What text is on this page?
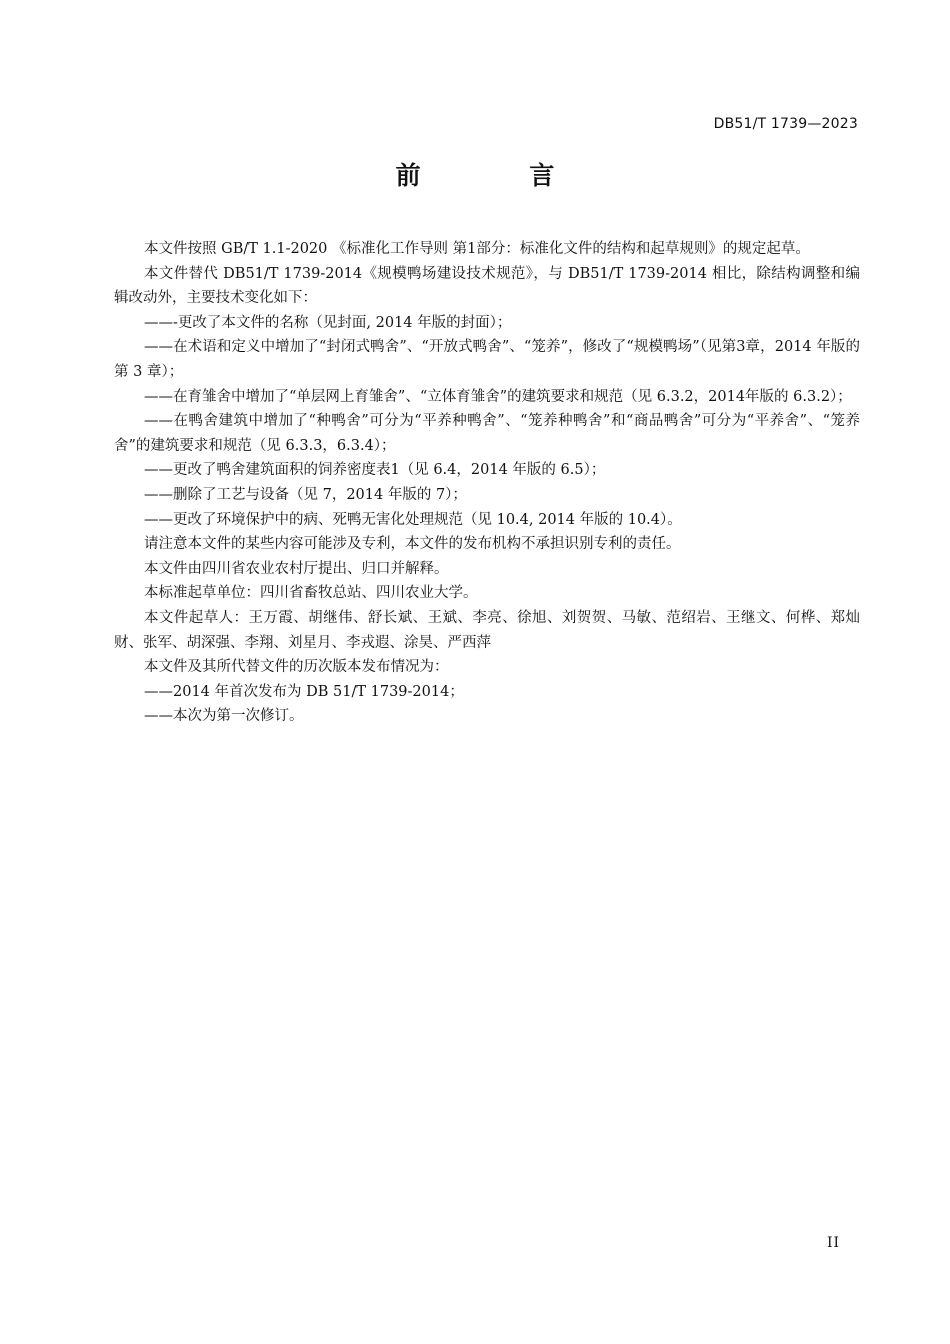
DB51/T 1739—2023
前 言

本文件按照 GB/T 1.1-2020 《标准化工作导则 第1部分：标准化文件的结构和起草规则》的规定起草。

本文件替代 DB51/T 1739-2014《规模鸭场建设技术规范》，与 DB51/T 1739-2014 相比，除结构调整和编辑改动外，主要技术变化如下：

——-更改了本文件的名称（见封面, 2014 年版的封面）；

——在术语和定义中增加了“封闭式鸭舍”、“开放式鸭舍”、“笼养”，修改了“规模鸭场”（见第3章，2014 年版的第 3 章）；

——在育雏舍中增加了“单层网上育雏舍”、“立体育雏舍”的建筑要求和规范（见 6.3.2，2014年版的 6.3.2）；

——在鸭舍建筑中增加了“种鸭舍”可分为“平养种鸭舍”、“笼养种鸭舍”和“商品鸭舍”可分为“平养舍”、“笼养舍”的建筑要求和规范（见 6.3.3，6.3.4）；

——更改了鸭舍建筑面积的饲养密度表1（见 6.4，2014 年版的 6.5）；

——删除了工艺与设备（见 7，2014 年版的 7）；

——更改了环境保护中的病、死鸭无害化处理规范（见 10.4, 2014 年版的 10.4）。

请注意本文件的某些内容可能涉及专利，本文件的发布机构不承担识别专利的责任。

本文件由四川省农业农村厅提出、归口并解释。

本标准起草单位：四川省畜牧总站、四川农业大学。

本文件起草人：王万霞、胡继伟、舒长斌、王斌、李亮、徐旭、刘贺贺、马敏、范绍岩、王继文、何桦、郑灿财、张军、胡深强、李翔、刘星月、李戎遐、涂昊、严西萍

本文件及其所代替文件的历次版本发布情况为：

——2014 年首次发布为 DB 51/T 1739-2014；

——本次为第一次修订。

II
